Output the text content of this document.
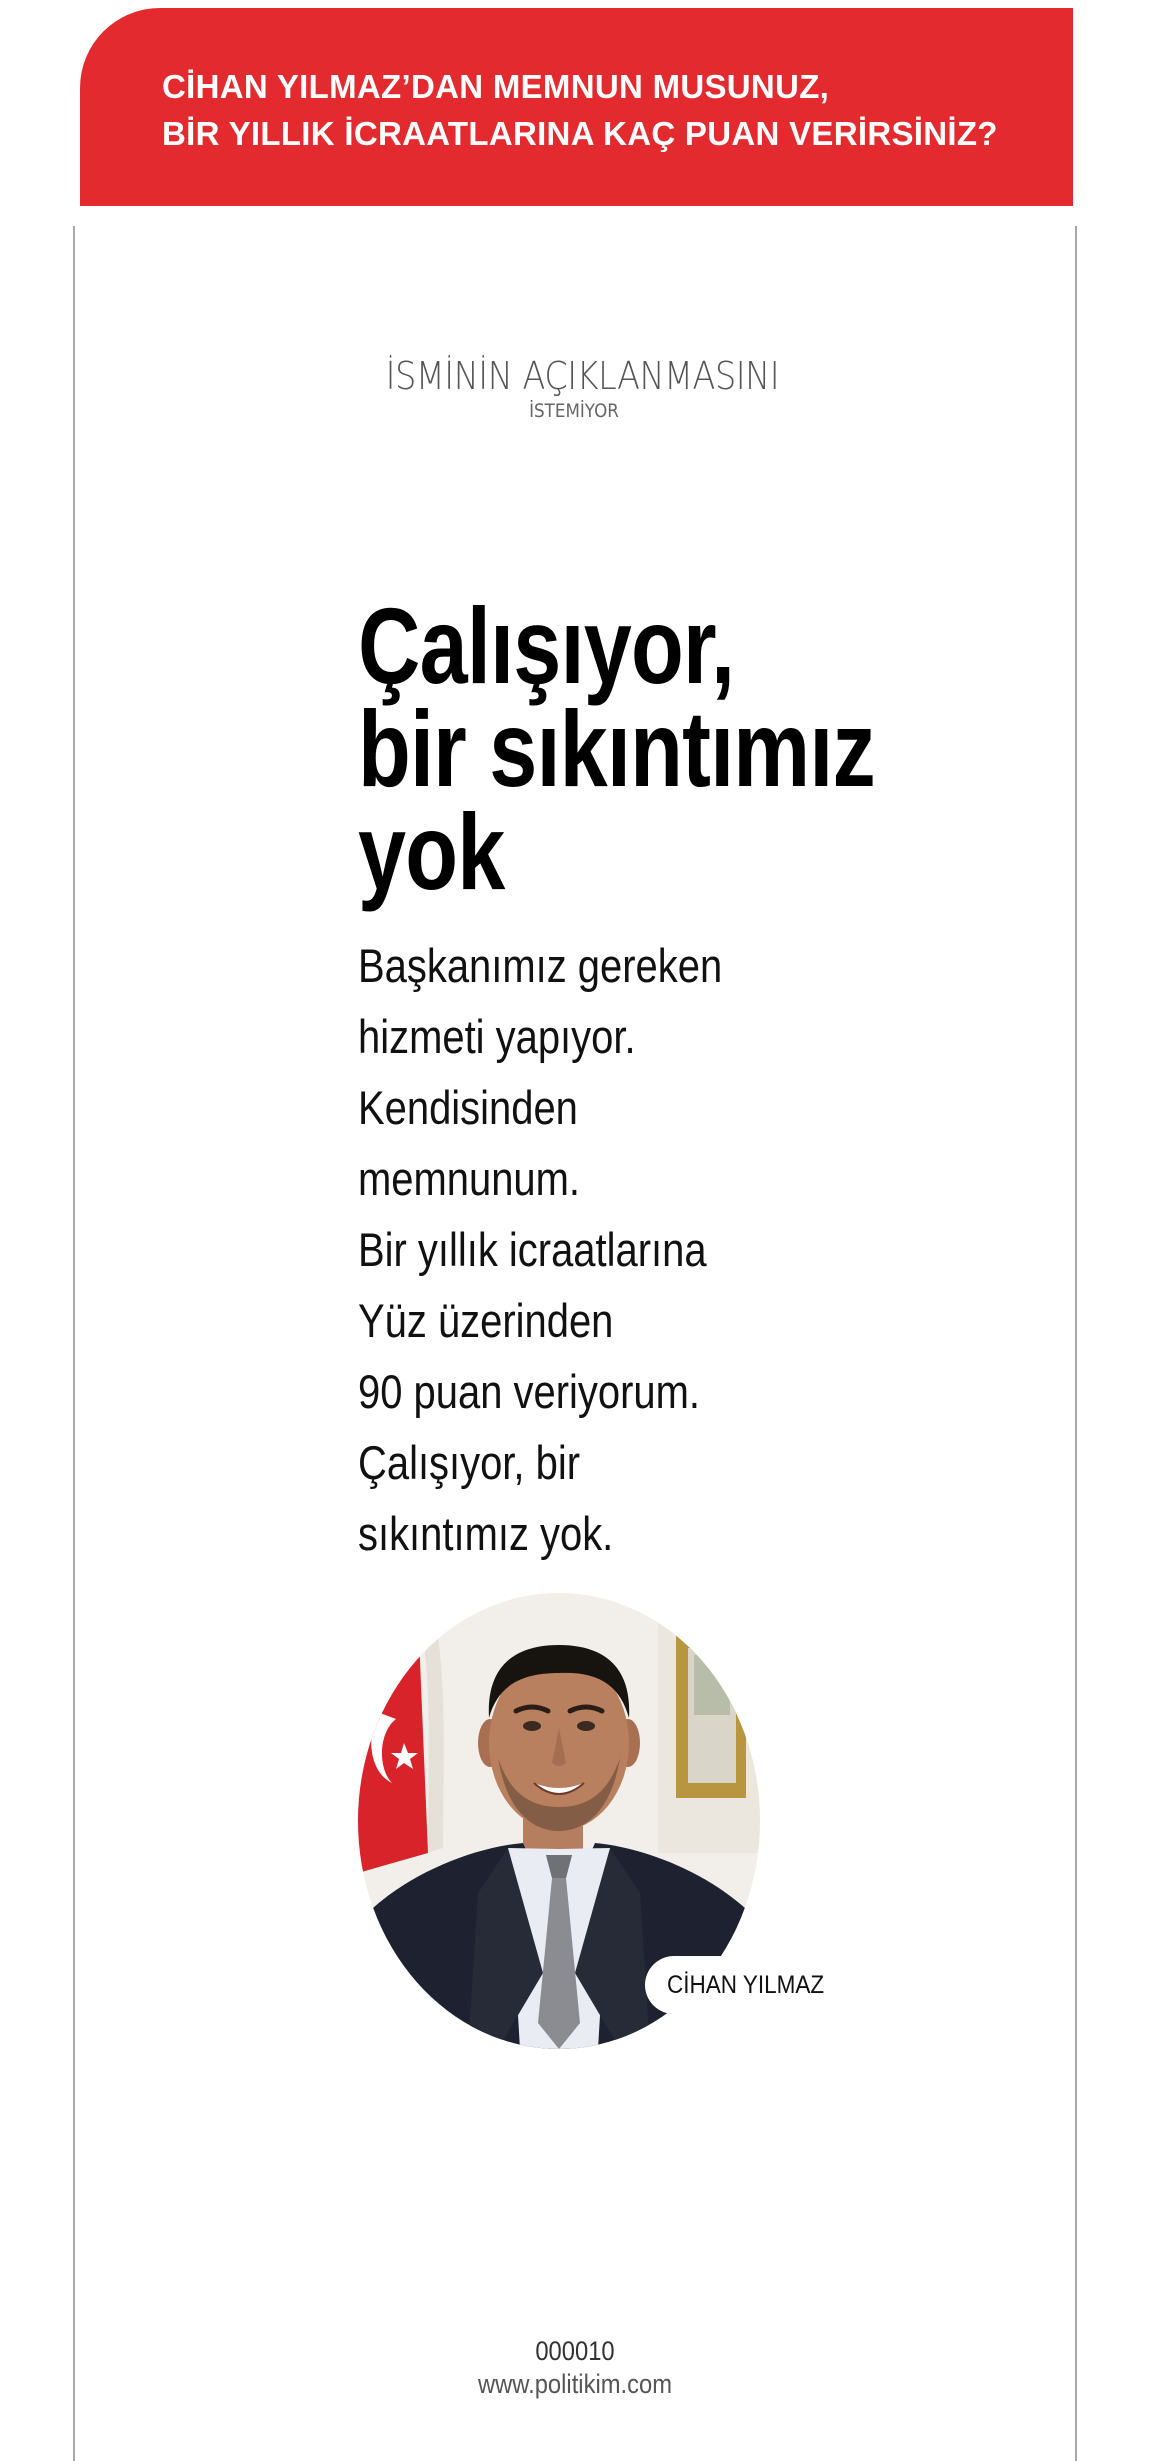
CİHAN YILMAZ’DAN MEMNUN MUSUNUZ,
BİR YILLIK İCRAATLARINA KAÇ PUAN VERİRSİNİZ?
İSMİNİN AÇIKLANMASINI
İSTEMİYOR
Çalışıyor,
bir sıkıntımız
yok

Başkanımız gereken
hizmeti yapıyor.
Kendisinden
memnunum.
Bir yıllık icraatlarına
Yüz üzerinden
90 puan veriyorum.
Çalışıyor, bir
sıkıntımız yok.

CİHAN YILMAZ
000010
www.politikim.com
